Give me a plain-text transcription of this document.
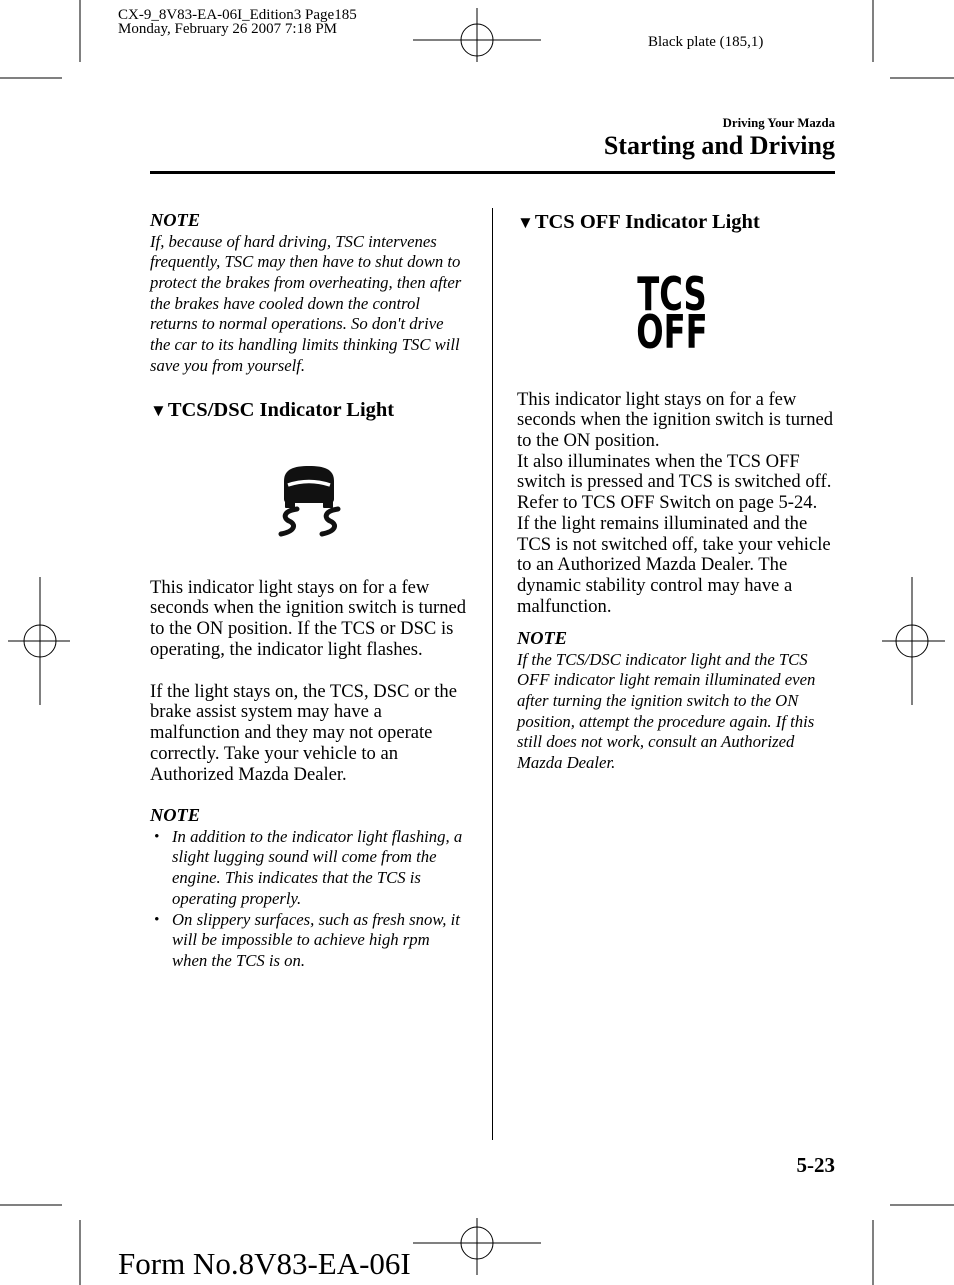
CX-9_8V83-EA-06I_Edition3 Page185
Monday, February 26 2007 7:18 PM
Black plate (185,1)
Driving Your Mazda
Starting and Driving
NOTE
If, because of hard driving, TSC intervenes
frequently, TSC may then have to shut down to
protect the brakes from overheating, then after
the brakes have cooled down the control
returns to normal operations. So don't drive
the car to its handling limits thinking TSC will
save you from yourself.
▼TCS/DSC Indicator Light
This indicator light stays on for a few
seconds when the ignition switch is turned
to the ON position. If the TCS or DSC is
operating, the indicator light flashes.
If the light stays on, the TCS, DSC or the
brake assist system may have a
malfunction and they may not operate
correctly. Take your vehicle to an
Authorized Mazda Dealer.
NOTE
• In addition to the indicator light flashing, a
slight lugging sound will come from the
engine. This indicates that the TCS is
operating properly.
• On slippery surfaces, such as fresh snow, it
will be impossible to achieve high rpm
when the TCS is on.
▼TCS OFF Indicator Light
TCS
OFF
This indicator light stays on for a few
seconds when the ignition switch is turned
to the ON position.
It also illuminates when the TCS OFF
switch is pressed and TCS is switched off.
Refer to TCS OFF Switch on page 5-24.
If the light remains illuminated and the
TCS is not switched off, take your vehicle
to an Authorized Mazda Dealer. The
dynamic stability control may have a
malfunction.
NOTE
If the TCS/DSC indicator light and the TCS
OFF indicator light remain illuminated even
after turning the ignition switch to the ON
position, attempt the procedure again. If this
still does not work, consult an Authorized
Mazda Dealer.
5-23
Form No.8V83-EA-06I
